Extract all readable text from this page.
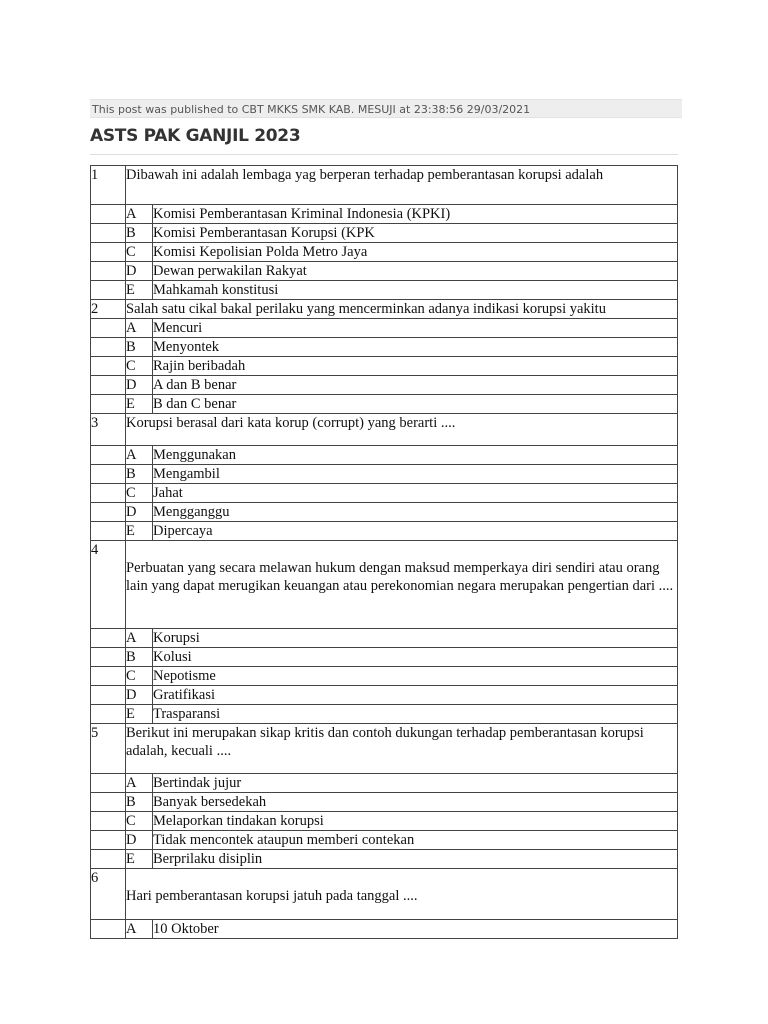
This post was published to CBT MKKS SMK KAB. MESUJI at 23:38:56 29/03/2021
ASTS PAK GANJIL 2023
1	Dibawah ini adalah lembaga yag berperan terhadap pemberantasan korupsi adalah	
	A	Komisi Pemberantasan Kriminal Indonesia (KPKI)
	B	Komisi Pemberantasan Korupsi (KPK
	C	Komisi Kepolisian Polda Metro Jaya
	D	Dewan perwakilan Rakyat
	E	Mahkamah konstitusi
2	Salah satu cikal bakal perilaku yang mencerminkan adanya indikasi korupsi yakitu	
	A	Mencuri
	B	Menyontek
	C	Rajin beribadah
	D	A dan B benar
	E	B dan C benar
3	Korupsi berasal dari kata korup (corrupt) yang berarti ....	
	A	Menggunakan
	B	Mengambil
	C	Jahat
	D	Mengganggu
	E	Dipercaya
4	Perbuatan yang secara melawan hukum dengan maksud memperkaya diri sendiri atau orang lain yang dapat merugikan keuangan atau perekonomian negara merupakan pengertian dari ....	
	A	Korupsi
	B	Kolusi
	C	Nepotisme
	D	Gratifikasi
	E	Trasparansi
5	Berikut ini merupakan sikap kritis dan contoh dukungan terhadap pemberantasan korupsi adalah, kecuali ....	
	A	Bertindak jujur
	B	Banyak bersedekah
	C	Melaporkan tindakan korupsi
	D	Tidak mencontek ataupun memberi contekan
	E	Berprilaku disiplin
6	Hari pemberantasan korupsi jatuh pada tanggal ....	
	A	10 Oktober
